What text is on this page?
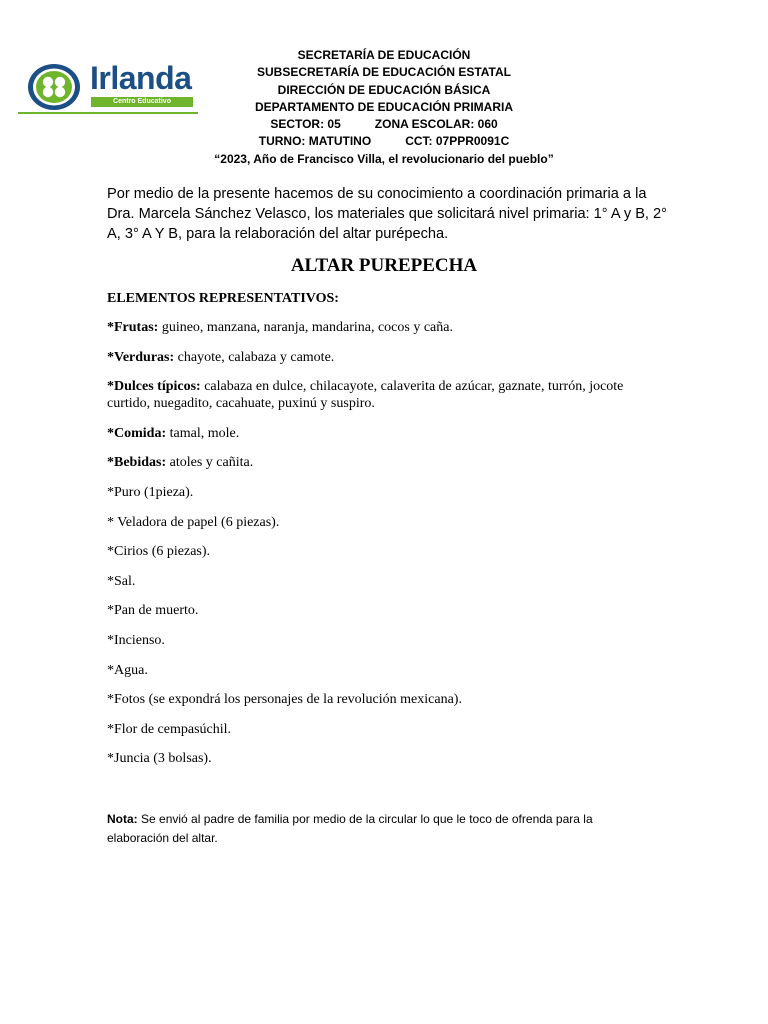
Irlanda
Centro Educativo
SECRETARÍA DE EDUCACIÓN
SUBSECRETARÍA DE EDUCACIÓN ESTATAL
DIRECCIÓN DE EDUCACIÓN BÁSICA
DEPARTAMENTO DE EDUCACIÓN PRIMARIA
SECTOR: 05	ZONA ESCOLAR: 060
TURNO: MATUTINO	CCT: 07PPR0091C
“2023, Año de Francisco Villa, el revolucionario del pueblo”
Por medio de la presente hacemos de su conocimiento a coordinación primaria a la Dra. Marcela Sánchez Velasco, los materiales que solicitará nivel primaria: 1° A y B, 2° A, 3° A Y B, para la relaboración del altar purépecha.
ALTAR PUREPECHA
ELEMENTOS REPRESENTATIVOS:

*Frutas: guineo, manzana, naranja, mandarina, cocos y caña.

*Verduras: chayote, calabaza y camote.

*Dulces típicos: calabaza en dulce, chilacayote, calaverita de azúcar, gaznate, turrón, jocote curtido, nuegadito, cacahuate, puxinú y suspiro.

*Comida: tamal, mole.

*Bebidas: atoles y cañita.

*Puro (1pieza).

* Veladora de papel (6 piezas).

*Cirios (6 piezas).

*Sal.

*Pan de muerto.

*Incienso.

*Agua.

*Fotos (se expondrá los personajes de la revolución mexicana).

*Flor de cempasúchil.

*Juncia (3 bolsas).

Nota: Se envió al padre de familia por medio de la circular lo que le toco de ofrenda para la elaboración del altar.
